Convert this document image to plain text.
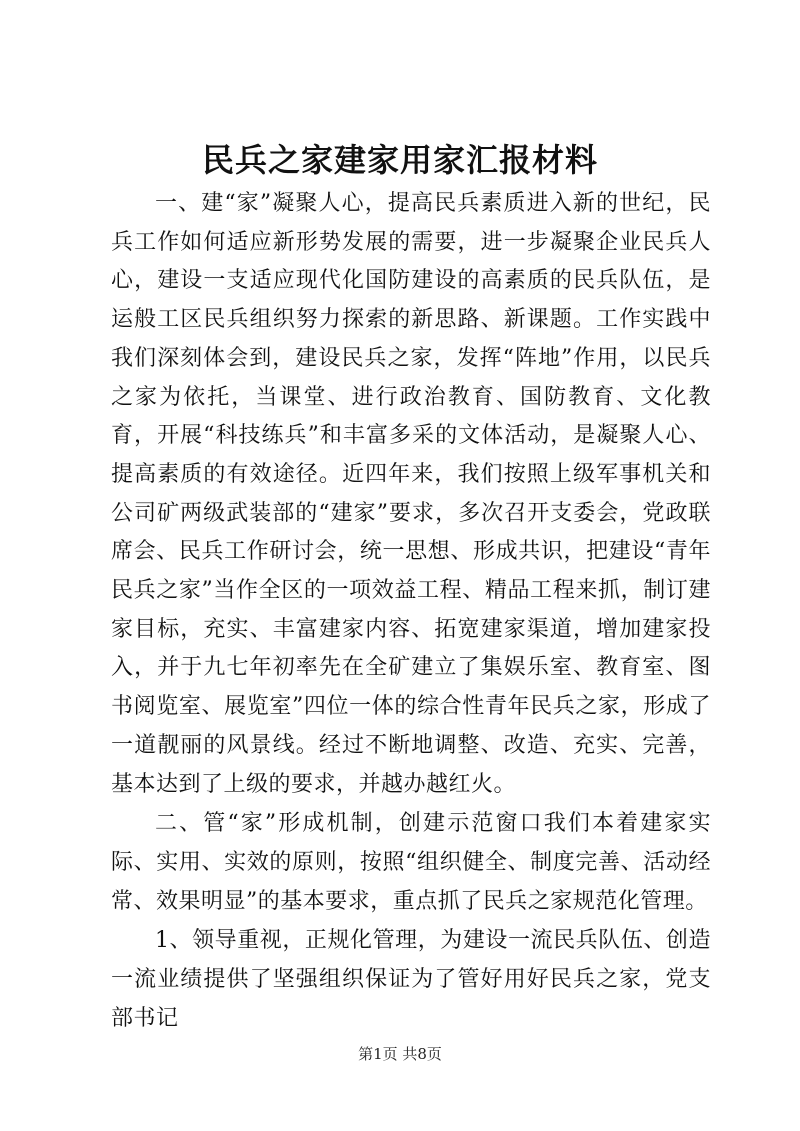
民兵之家建家用家汇报材料

一、建“家”凝聚人心，提高民兵素质进入新的世纪，民兵工作如何适应新形势发展的需要，进一步凝聚企业民兵人心，建设一支适应现代化国防建设的高素质的民兵队伍，是运般工区民兵组织努力探索的新思路、新课题。工作实践中我们深刻体会到，建设民兵之家，发挥“阵地”作用，以民兵之家为依托，当课堂、进行政治教育、国防教育、文化教育，开展“科技练兵”和丰富多采的文体活动，是凝聚人心、提高素质的有效途径。近四年来，我们按照上级军事机关和公司矿两级武装部的“建家”要求，多次召开支委会，党政联席会、民兵工作研讨会，统一思想、形成共识，把建设“青年民兵之家”当作全区的一项效益工程、精品工程来抓，制订建家目标，充实、丰富建家内容、拓宽建家渠道，增加建家投入，并于九七年初率先在全矿建立了集娱乐室、教育室、图书阅览室、展览室”四位一体的综合性青年民兵之家，形成了一道靓丽的风景线。经过不断地调整、改造、充实、完善，基本达到了上级的要求，并越办越红火。

二、管“家”形成机制，创建示范窗口我们本着建家实际、实用、实效的原则，按照“组织健全、制度完善、活动经常、效果明显”的基本要求，重点抓了民兵之家规范化管理。

1、领导重视，正规化管理，为建设一流民兵队伍、创造一流业绩提供了坚强组织保证为了管好用好民兵之家，党支部书记

第1页 共8页
